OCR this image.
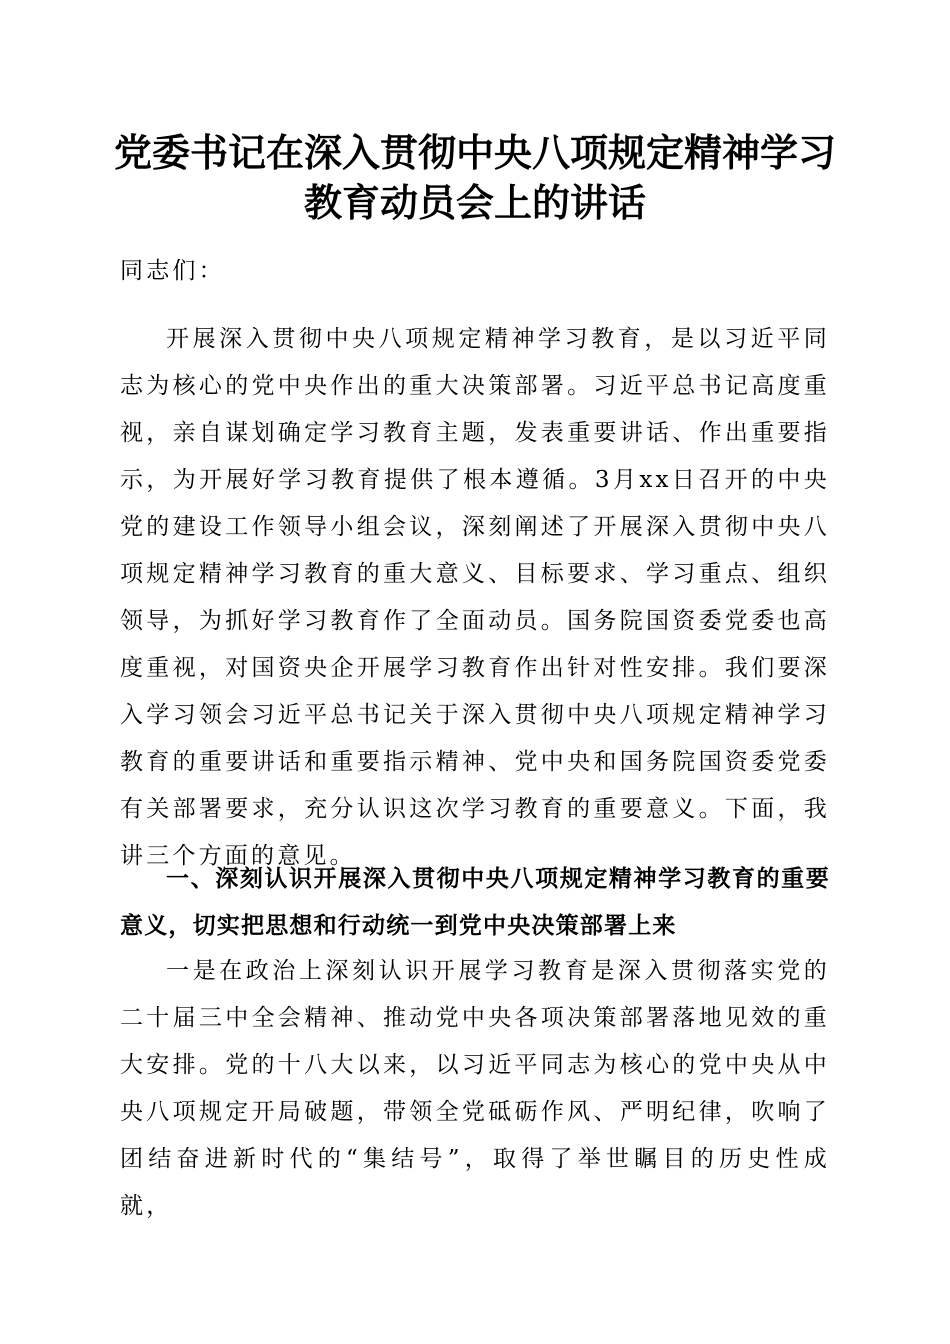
党委书记在深入贯彻中央八项规定精神学习教育动员会上的讲话

同志们：

开展深入贯彻中央八项规定精神学习教育，是以习近平同志为核心的党中央作出的重大决策部署。习近平总书记高度重视，亲自谋划确定学习教育主题，发表重要讲话、作出重要指示，为开展好学习教育提供了根本遵循。3月xx日召开的中央党的建设工作领导小组会议，深刻阐述了开展深入贯彻中央八项规定精神学习教育的重大意义、目标要求、学习重点、组织领导，为抓好学习教育作了全面动员。国务院国资委党委也高度重视，对国资央企开展学习教育作出针对性安排。我们要深入学习领会习近平总书记关于深入贯彻中央八项规定精神学习教育的重要讲话和重要指示精神、党中央和国务院国资委党委有关部署要求，充分认识这次学习教育的重要意义。下面，我讲三个方面的意见。

一、深刻认识开展深入贯彻中央八项规定精神学习教育的重要意义，切实把思想和行动统一到党中央决策部署上来

一是在政治上深刻认识开展学习教育是深入贯彻落实党的二十届三中全会精神、推动党中央各项决策部署落地见效的重大安排。党的十八大以来，以习近平同志为核心的党中央从中央八项规定开局破题，带领全党砥砺作风、严明纪律，吹响了团结奋进新时代的“集结号”，取得了举世瞩目的历史性成就，
